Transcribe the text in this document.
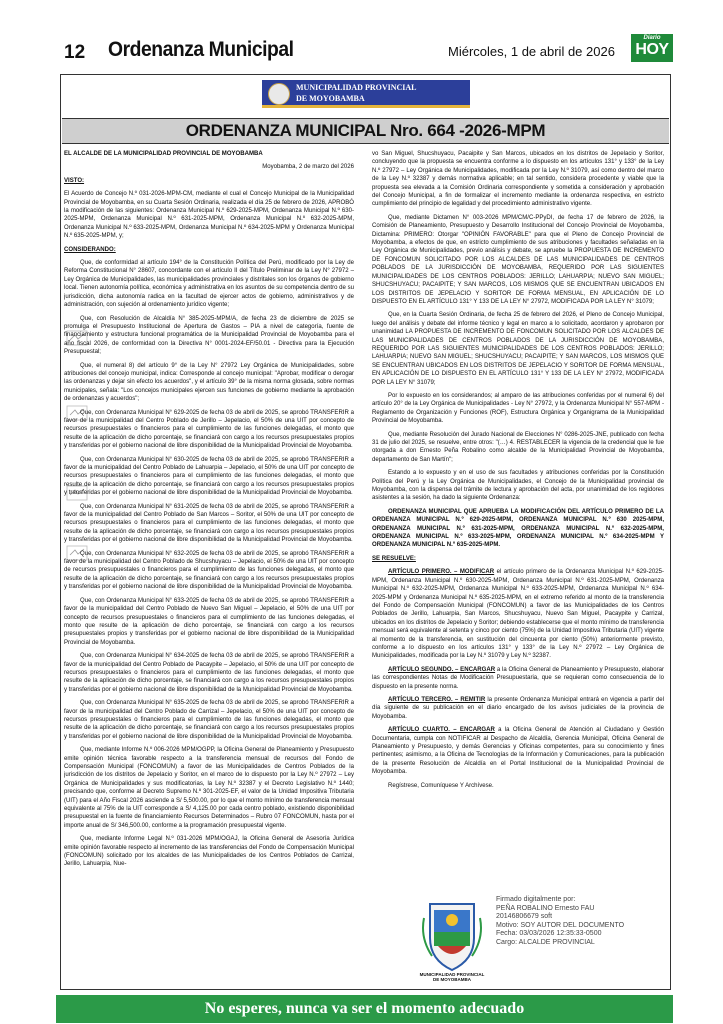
12 Ordenanza Municipal	Miércoles, 1 de abril de 2026
Diario
HOY
MUNICIPALIDAD PROVINCIAL
DE MOYOBAMBA
ORDENANZA MUNICIPAL Nro. 664 -2026-MPM

EL ALCALDE DE LA MUNICIPALIDAD PROVINCIAL DE MOYOBAMBA

Moyobamba, 2 de marzo del 2026

VISTO:

El Acuerdo de Concejo N.º 031-2026-MPM-CM, mediante el cual el Concejo Municipal de la Municipalidad Provincial de Moyobamba, en su Cuarta Sesión Ordinaria, realizada el día 25 de febrero de 2026, APROBÓ la modificación de las siguientes: Ordenanza Municipal N.º 629-2025-MPM, Ordenanza Municipal N.º 630-2025-MPM, Ordenanza Municipal N.º 631-2025-MPM, Ordenanza Municipal N.º 632-2025-MPM, Ordenanza Municipal N.º 633-2025-MPM, Ordenanza Municipal N.º 634-2025-MPM y Ordenanza Municipal N.º 635-2025-MPM, y;

CONSIDERANDO:

Que, de conformidad al artículo 194° de la Constitución Política del Perú, modificado por la Ley de Reforma Constitucional N° 28607, concordante con el artículo II del Título Preliminar de la Ley N° 27972 – Ley Orgánica de Municipalidades, las municipalidades provinciales y distritales son los órganos de gobierno local. Tienen autonomía política, económica y administrativa en los asuntos de su competencia dentro de su jurisdicción, dicha autonomía radica en la facultad de ejercer actos de gobierno, administrativos y de administración, con sujeción al ordenamiento jurídico vigente;

Que, con Resolución de Alcaldía N° 385-2025-MPM/A, de fecha 23 de diciembre de 2025 se promulga el Presupuesto Institucional de Apertura de Gastos – PIA a nivel de categoría, fuente de financiamiento y estructura funcional programática de la Municipalidad Provincial de Moyobamba para el año fiscal 2026, de conformidad con la Directiva N° 0001-2024-EF/50.01 - Directiva para la Ejecución Presupuestal;

Que, el numeral 8) del artículo 9° de la Ley N° 27972 Ley Orgánica de Municipalidades, sobre atribuciones del concejo municipal, indica: Corresponde al concejo municipal: "Aprobar, modificar o derogar las ordenanzas y dejar sin efecto los acuerdos", y el artículo 39° de la misma norma glosada, sobre normas municipales, señala: "Los concejos municipales ejercen sus funciones de gobierno mediante la aprobación de ordenanzas y acuerdos";

Que, con Ordenanza Municipal N° 629-2025 de fecha 03 de abril de 2025, se aprobó TRANSFERIR a favor de la municipalidad del Centro Poblado de Jerillo – Jepelacio, el 50% de una UIT por concepto de recursos presupuestales o financieros para el cumplimiento de las funciones delegadas, el monto que resulte de la aplicación de dicho porcentaje, se financiará con cargo a los recursos presupuestales propios y transferidas por el gobierno nacional de libre disponibilidad de la Municipalidad Provincial de Moyobamba.

Que, con Ordenanza Municipal N° 630-2025 de fecha 03 de abril de 2025, se aprobó TRANSFERIR a favor de la municipalidad del Centro Poblado de Lahuarpia – Jepelacio, el 50% de una UIT por concepto de recursos presupuestales o financieros para el cumplimiento de las funciones delegadas, el monto que resulte de la aplicación de dicho porcentaje, se financiará con cargo a los recursos presupuestales propios y transferidas por el gobierno nacional de libre disponibilidad de la Municipalidad Provincial de Moyobamba.

Que, con Ordenanza Municipal N° 631-2025 de fecha 03 de abril de 2025, se aprobó TRANSFERIR a favor de la municipalidad del Centro Poblado de San Marcos – Soritor, el 50% de una UIT por concepto de recursos presupuestales o financieros para el cumplimiento de las funciones delegadas, el monto que resulte de la aplicación de dicho porcentaje, se financiará con cargo a los recursos presupuestales propios y transferidas por el gobierno nacional de libre disponibilidad de la Municipalidad Provincial de Moyobamba.

Que, con Ordenanza Municipal N° 632-2025 de fecha 03 de abril de 2025, se aprobó TRANSFERIR a favor de la municipalidad del Centro Poblado de Shucshuyacu – Jepelacio, el 50% de una UIT por concepto de recursos presupuestales o financieros para el cumplimiento de las funciones delegadas, el monto que resulte de la aplicación de dicho porcentaje, se financiará con cargo a los recursos presupuestales propios y transferidas por el gobierno nacional de libre disponibilidad de la Municipalidad Provincial de Moyobamba.

Que, con Ordenanza Municipal N° 633-2025 de fecha 03 de abril de 2025, se aprobó TRANSFERIR a favor de la municipalidad del Centro Poblado de Nuevo San Miguel – Jepelacio, el 50% de una UIT por concepto de recursos presupuestales o financieros para el cumplimiento de las funciones delegadas, el monto que resulte de la aplicación de dicho porcentaje, se financiará con cargo a los recursos presupuestales propios y transferidas por el gobierno nacional de libre disponibilidad de la Municipalidad Provincial de Moyobamba.

Que, con Ordenanza Municipal N° 634-2025 de fecha 03 de abril de 2025, se aprobó TRANSFERIR a favor de la municipalidad del Centro Poblado de Pacaypite – Jepelacio, el 50% de una UIT por concepto de recursos presupuestales o financieros para el cumplimiento de las funciones delegadas, el monto que resulte de la aplicación de dicho porcentaje, se financiará con cargo a los recursos presupuestales propios y transferidas por el gobierno nacional de libre disponibilidad de la Municipalidad Provincial de Moyobamba.

Que, con Ordenanza Municipal N° 635-2025 de fecha 03 de abril de 2025, se aprobó TRANSFERIR a favor de la municipalidad del Centro Poblado de Carrizal – Jepelacio, el 50% de una UIT por concepto de recursos presupuestales o financieros para el cumplimiento de las funciones delegadas, el monto que resulte de la aplicación de dicho porcentaje, se financiará con cargo a los recursos presupuestales propios y transferidas por el gobierno nacional de libre disponibilidad de la Municipalidad Provincial de Moyobamba.

Que, mediante Informe N.º 006-2026 MPM/OGPP, la Oficina General de Planeamiento y Presupuesto emite opinión técnica favorable respecto a la transferencia mensual de recursos del Fondo de Compensación Municipal (FONCOMUN) a favor de las Municipalidades de Centros Poblados de la jurisdicción de los distritos de Jepelacio y Soritor, en el marco de lo dispuesto por la Ley N.º 27972 – Ley Orgánica de Municipalidades y sus modificatorias, la Ley N.º 32387 y el Decreto Legislativo N.º 1440; precisando que, conforme al Decreto Supremo N.º 301-2025-EF, el valor de la Unidad Impositiva Tributaria (UIT) para el Año Fiscal 2026 asciende a S/ 5,500.00, por lo que el monto mínimo de transferencia mensual equivalente al 75% de la UIT corresponde a S/ 4,125.00 por cada centro poblado, existiendo disponibilidad presupuestal en la fuente de financiamiento Recursos Determinados – Rubro 07 FONCOMUN, hasta por el importe anual de S/ 346,500.00, conforme a la programación presupuestal vigente.

Que, mediante Informe Legal N.º 031-2026 MPM/OGAJ, la Oficina General de Asesoría Jurídica emite opinión favorable respecto al incremento de las transferencias del Fondo de Compensación Municipal (FONCOMUN) solicitado por los alcaldes de las Municipalidades de los Centros Poblados de Carrizal, Jerillo, Lahuarpia, Nue-

vo San Miguel, Shucshuyacu, Pacaipite y San Marcos, ubicados en los distritos de Jepelacio y Soritor, concluyendo que la propuesta se encuentra conforme a lo dispuesto en los artículos 131° y 133° de la Ley N.º 27972 – Ley Orgánica de Municipalidades, modificada por la Ley N.º 31079, así como dentro del marco de la Ley N.º 32387 y demás normativa aplicable; en tal sentido, considera procedente y viable que la propuesta sea elevada a la Comisión Ordinaria correspondiente y sometida a consideración y aprobación del Concejo Municipal, a fin de formalizar el incremento mediante la ordenanza respectiva, en estricto cumplimiento del principio de legalidad y del procedimiento administrativo vigente.

Que, mediante Dictamen N° 003-2026 MPM/CM/C-PPyDI, de fecha 17 de febrero de 2026, la Comisión de Planeamiento, Presupuesto y Desarrollo Institucional del Concejo Provincial de Moyobamba, Dictamina: PRIMERO: Otorgar "OPINIÓN FAVORABLE" para que el Pleno de Concejo Provincial de Moyobamba, a efectos de que, en estricto cumplimiento de sus atribuciones y facultades señaladas en la Ley Orgánica de Municipalidades, previo análisis y debate, se apruebe la PROPUESTA DE INCREMENTO DE FONCOMUN SOLICITADO POR LOS ALCALDES DE LAS MUNICIPALIDADES DE CENTROS POBLADOS DE LA JURISDICCIÓN DE MOYOBAMBA, REQUERIDO POR LAS SIGUIENTES MUNICIPALIDADES DE LOS CENTROS POBLADOS: JERILLO; LAHUARPIA; NUEVO SAN MIGUEL; SHUCSHUYACU; PACAIPITE; Y SAN MARCOS, LOS MISMOS QUE SE ENCUENTRAN UBICADOS EN LOS DISTRITOS DE JEPELACIO Y SORITOR DE FORMA MENSUAL, EN APLICACIÓN DE LO DISPUESTO EN EL ARTÍCULO 131° Y 133 DE LA LEY N° 27972, MODIFICADA POR LA LEY N° 31079;

Que, en la Cuarta Sesión Ordinaria, de fecha 25 de febrero del 2026, el Pleno de Concejo Municipal, luego del análisis y debate del informe técnico y legal en marco a lo solicitado, acordaron y aprobaron por unanimidad LA PROPUESTA DE INCREMENTO DE FONCOMUN SOLICITADO POR LOS ALCALDES DE LAS MUNICIPALIDADES DE CENTROS POBLADOS DE LA JURISDICCIÓN DE MOYOBAMBA, REQUERIDO POR LAS SIGUIENTES MUNICIPALIDADES DE LOS CENTROS POBLADOS: JERILLO; LAHUARPIA; NUEVO SAN MIGUEL; SHUCSHUYACU; PACAIPITE; Y SAN MARCOS, LOS MISMOS QUE SE ENCUENTRAN UBICADOS EN LOS DISTRITOS DE JEPELACIO Y SORITOR DE FORMA MENSUAL, EN APLICACIÓN DE LO DISPUESTO EN EL ARTÍCULO 131° Y 133 DE LA LEY N° 27972, MODIFICADA POR LA LEY N° 31079;

Por lo expuesto en los considerandos; al amparo de las atribuciones conferidas por el numeral 6) del artículo 20° de la Ley Orgánica de Municipalidades - Ley N° 27972, y la Ordenanza Municipal N° 557-MPM - Reglamento de Organización y Funciones (ROF), Estructura Orgánica y Organigrama de la Municipalidad Provincial de Moyobamba.

Que, mediante Resolución del Jurado Nacional de Elecciones N° 0286-2025-JNE, publicado con fecha 31 de julio del 2025, se resuelve, entre otros: "(…) 4. RESTABLECER la vigencia de la credencial que le fue otorgada a don Ernesto Peña Robalino como alcalde de la Municipalidad Provincial de Moyobamba, departamento de San Martín";

Estando a lo expuesto y en el uso de sus facultades y atribuciones conferidas por la Constitución Política del Perú y la Ley Orgánica de Municipalidades, el Concejo de la Municipalidad provincial de Moyobamba, con la dispensa del trámite de lectura y aprobación del acta, por unanimidad de los regidores asistentes a la sesión, ha dado la siguiente Ordenanza:

ORDENANZA MUNICIPAL QUE APRUEBA LA MODIFICACIÓN DEL ARTÍCULO PRIMERO DE LA ORDENANZA MUNICIPAL N.º 629-2025-MPM, ORDENANZA MUNICIPAL N.º 630 2025-MPM, ORDENANZA MUNICIPAL N.º 631-2025-MPM, ORDENANZA MUNICIPAL N.º 632-2025-MPM, ORDENANZA MUNICIPAL N.º 633-2025-MPM, ORDENANZA MUNICIPAL N.º 634-2025-MPM Y ORDENANZA MUNICIPAL N.º 635-2025-MPM.

SE RESUELVE:

ARTÍCULO PRIMERO. – MODIFICAR el artículo primero de la Ordenanza Municipal N.º 629-2025-MPM, Ordenanza Municipal N.º 630-2025-MPM, Ordenanza Municipal N.º 631-2025-MPM, Ordenanza Municipal N.º 632-2025-MPM, Ordenanza Municipal N.º 633-2025-MPM, Ordenanza Municipal N.º 634-2025-MPM y Ordenanza Municipal N.º 635-2025-MPM, en el extremo referido al monto de la transferencia del Fondo de Compensación Municipal (FONCOMUN) a favor de las Municipalidades de los Centros Poblados de Jerillo, Lahuarpia, San Marcos, Shucshuyacu, Nuevo San Miguel, Pacaypite y Carrizal, ubicados en los distritos de Jepelacio y Soritor; debiendo establecerse que el monto mínimo de transferencia mensual será equivalente al setenta y cinco por ciento (75%) de la Unidad Impositiva Tributaria (UIT) vigente al momento de la transferencia, en sustitución del cincuenta por ciento (50%) anteriormente previsto, conforme a lo dispuesto en los artículos 131° y 133° de la Ley N.º 27972 – Ley Orgánica de Municipalidades, modificada por la Ley N.º 31079 y Ley N.º 32387.

ARTÍCULO SEGUNDO. – ENCARGAR a la Oficina General de Planeamiento y Presupuesto, elaborar las correspondientes Notas de Modificación Presupuestaria, que se requieran como consecuencia de lo dispuesto en la presente norma.

ARTÍCULO TERCERO. – REMITIR la presente Ordenanza Municipal entrará en vigencia a partir del día siguiente de su publicación en el diario encargado de los avisos judiciales de la provincia de Moyobamba.

ARTÍCULO CUARTO. – ENCARGAR a la Oficina General de Atención al Ciudadano y Gestión Documentaria, cumpla con NOTIFICAR al Despacho de Alcaldía, Gerencia Municipal, Oficina General de Planeamiento y Presupuesto, y demás Gerencias y Oficinas competentes, para su conocimiento y fines pertinentes; asimismo, a la Oficina de Tecnologías de la Información y Comunicaciones, para la publicación de la presente Resolución de Alcaldía en el Portal Institucional de la Municipalidad Provincial de Moyobamba.

Regístrese, Comuníquese Y Archívese.

MUNICIPALIDAD PROVINCIAL
DE MOYOBAMBA
Firmado digitalmente por:
PEÑA ROBALINO Ernesto FAU
20146806679 soft
Motivo: SOY AUTOR DEL DOCUMENTO
Fecha: 03/03/2026 12:35:33-0500
Cargo: ALCALDE PROVINCIAL
No esperes, nunca va ser el momento adecuado
